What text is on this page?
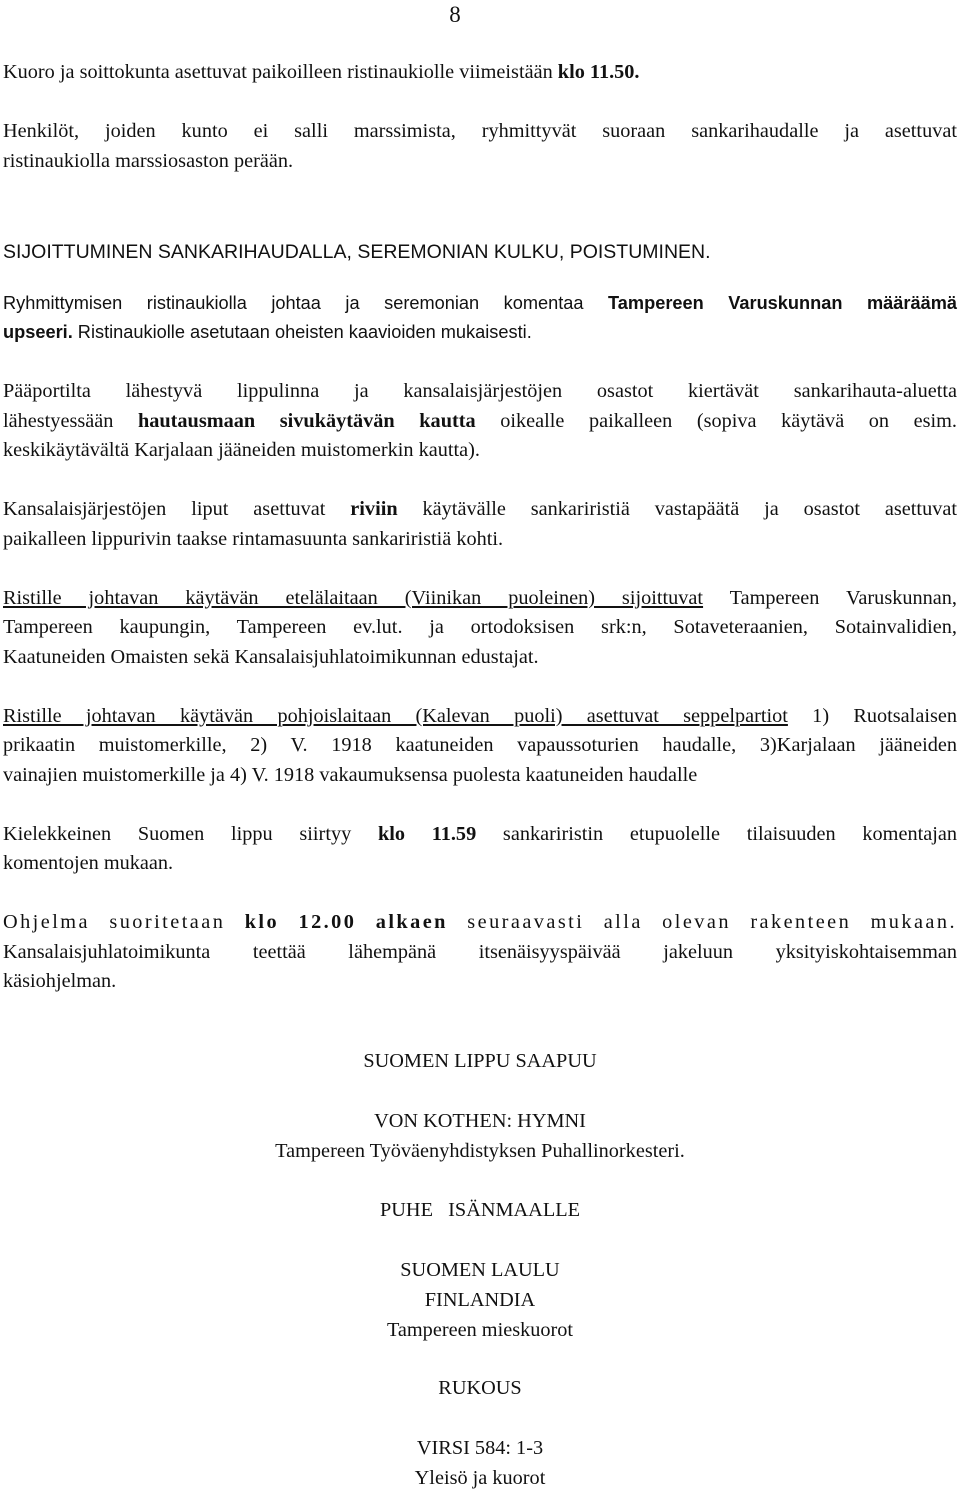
8

Kuoro ja soittokunta asettuvat paikoilleen ristinaukiolle viimeistään klo 11.50.

Henkilöt, joiden kunto ei salli marssimista, ryhmittyvät suoraan sankarihaudalle ja asettuvat
ristinaukiolla marssiosaston perään.

SIJOITTUMINEN SANKARIHAUDALLA, SEREMONIAN KULKU, POISTUMINEN.

Ryhmittymisen ristinaukiolla johtaa ja seremonian komentaa Tampereen Varuskunnan määräämä
upseeri. Ristinaukiolle asetutaan oheisten kaavioiden mukaisesti.

Pääportilta lähestyvä lippulinna ja kansalaisjärjestöjen osastot kiertävät sankarihauta-aluetta
lähestyessään hautausmaan sivukäytävän kautta oikealle paikalleen (sopiva käytävä on esim.
keskikäytävältä Karjalaan jääneiden muistomerkin kautta).

Kansalaisjärjestöjen liput asettuvat riviin käytävälle sankariristiä vastapäätä ja osastot asettuvat
paikalleen lippurivin taakse rintamasuunta sankariristiä kohti.

Ristille johtavan käytävän etelälaitaan (Viinikan puoleinen) sijoittuvat Tampereen Varuskunnan,
Tampereen kaupungin, Tampereen ev.lut. ja ortodoksisen srk:n, Sotaveteraanien, Sotainvalidien,
Kaatuneiden Omaisten sekä Kansalaisjuhlatoimikunnan edustajat.

Ristille johtavan käytävän pohjoislaitaan (Kalevan puoli) asettuvat seppelpartiot 1) Ruotsalaisen
prikaatin muistomerkille, 2) V. 1918 kaatuneiden vapaussoturien haudalle, 3)Karjalaan jääneiden
vainajien muistomerkille ja 4) V. 1918 vakaumuksensa puolesta kaatuneiden haudalle

Kielekkeinen Suomen lippu siirtyy klo 11.59 sankariristin etupuolelle tilaisuuden komentajan
komentojen mukaan.

Ohjelma suoritetaan klo 12.00 alkaen seuraavasti alla olevan rakenteen mukaan.
Kansalaisjuhlatoimikunta teettää lähempänä itsenäisyyspäivää jakeluun yksityiskohtaisemman
käsiohjelman.

SUOMEN LIPPU SAAPUU
VON KOTHEN: HYMNI
Tampereen Työväenyhdistyksen Puhallinorkesteri.
PUHE   ISÄNMAALLE
SUOMEN LAULU
FINLANDIA
Tampereen mieskuorot
RUKOUS
VIRSI 584: 1-3
Yleisö ja kuorot
